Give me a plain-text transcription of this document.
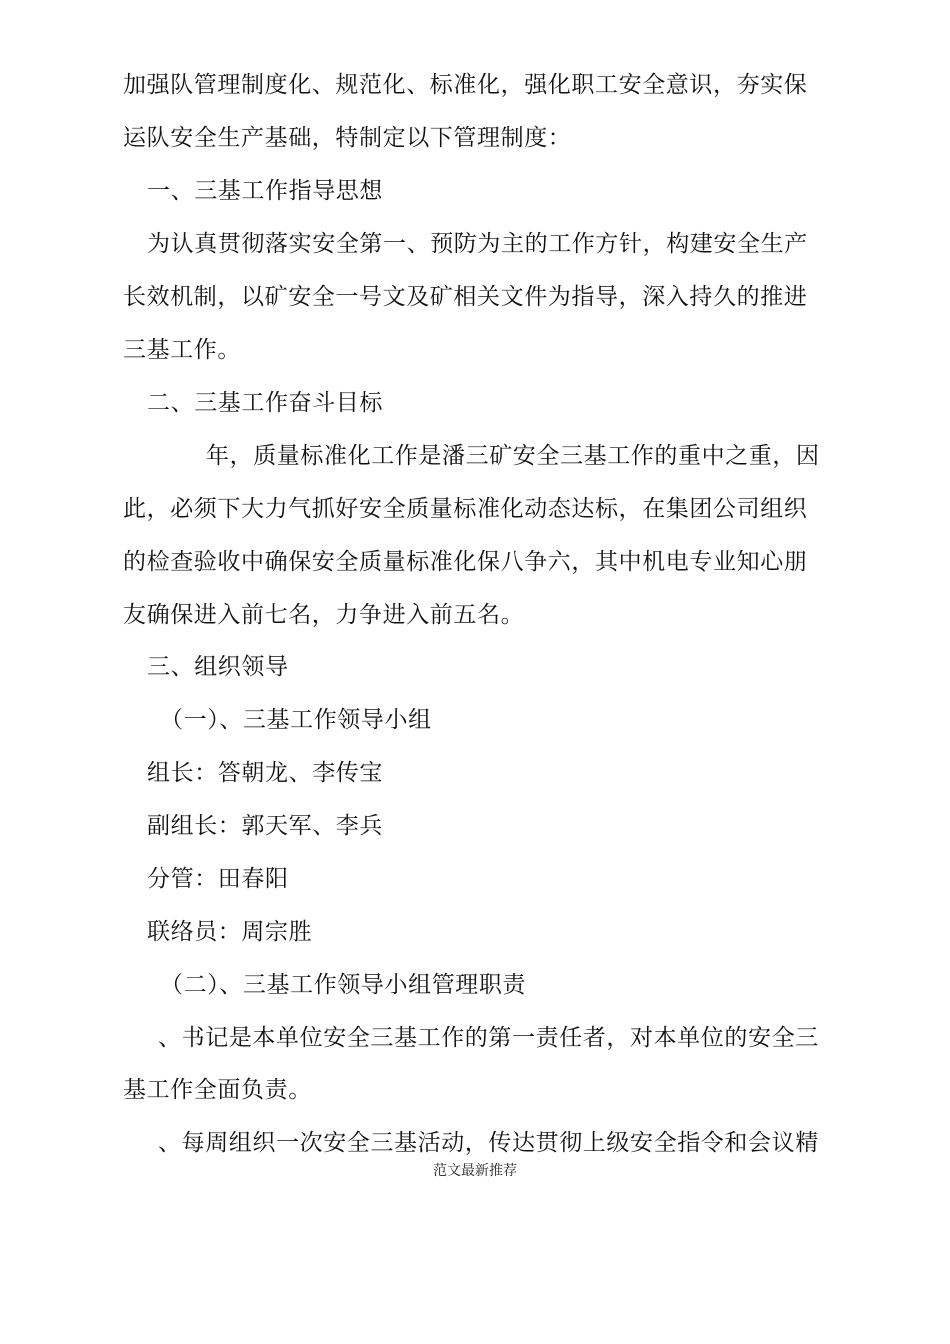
加强队管理制度化、规范化、标准化，强化职工安全意识，夯实保
运队安全生产基础，特制定以下管理制度：
一、三基工作指导思想
为认真贯彻落实安全第一、预防为主的工作方针，构建安全生产
长效机制，以矿安全一号文及矿相关文件为指导，深入持久的推进
三基工作。
二、三基工作奋斗目标
年，质量标准化工作是潘三矿安全三基工作的重中之重，因
此，必须下大力气抓好安全质量标准化动态达标，在集团公司组织
的检查验收中确保安全质量标准化保八争六，其中机电专业知心朋
友确保进入前七名，力争进入前五名。
三、组织领导
（一）、三基工作领导小组
组长：答朝龙、李传宝
副组长：郭天军、李兵
分管：田春阳
联络员：周宗胜
（二）、三基工作领导小组管理职责
、书记是本单位安全三基工作的第一责任者，对本单位的安全三
基工作全面负责。
、每周组织一次安全三基活动，传达贯彻上级安全指令和会议精
范文最新推荐
